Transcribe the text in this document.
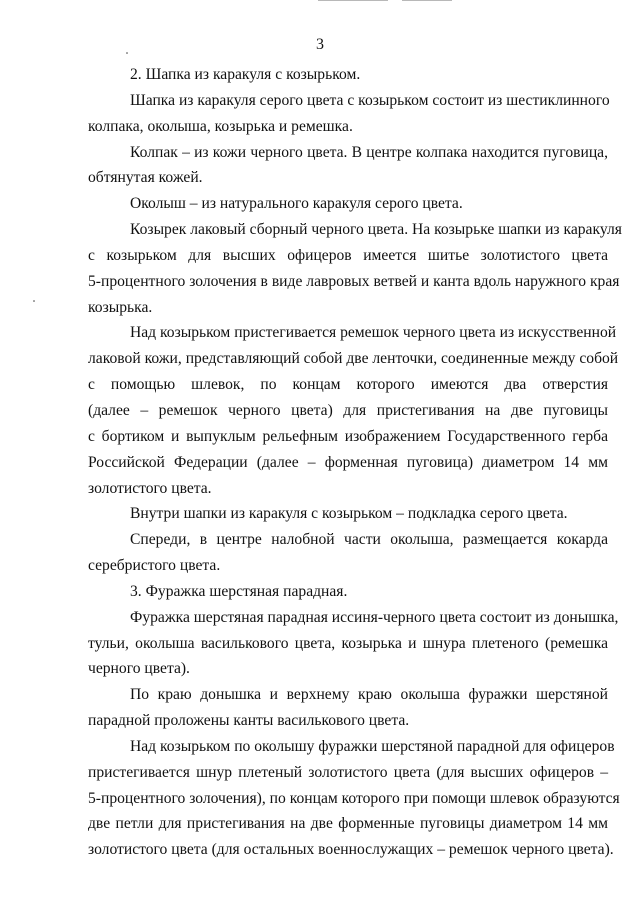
3
2. Шапка из каракуля с козырьком.
Шапка из каракуля серого цвета с козырьком состоит из шестиклинного
колпака, околыша, козырька и ремешка.
Колпак – из кожи черного цвета. В центре колпака находится пуговица,
обтянутая кожей.
Околыш – из натурального каракуля серого цвета.
Козырек лаковый сборный черного цвета. На козырьке шапки из каракуля
с козырьком для высших офицеров имеется шитье золотистого цвета
5-процентного золочения в виде лавровых ветвей и канта вдоль наружного края
козырька.
Над козырьком пристегивается ремешок черного цвета из искусственной
лаковой кожи, представляющий собой две ленточки, соединенные между собой
с помощью шлевок, по концам которого имеются два отверстия
(далее – ремешок черного цвета) для пристегивания на две пуговицы
с бортиком и выпуклым рельефным изображением Государственного герба
Российской Федерации (далее – форменная пуговица) диаметром 14 мм
золотистого цвета.
Внутри шапки из каракуля с козырьком – подкладка серого цвета.
Спереди, в центре налобной части околыша, размещается кокарда
серебристого цвета.
3. Фуражка шерстяная парадная.
Фуражка шерстяная парадная иссиня-черного цвета состоит из донышка,
тульи, околыша василькового цвета, козырька и шнура плетеного (ремешка
черного цвета).
По краю донышка и верхнему краю околыша фуражки шерстяной
парадной проложены канты василькового цвета.
Над козырьком по околышу фуражки шерстяной парадной для офицеров
пристегивается шнур плетеный золотистого цвета (для высших офицеров –
5-процентного золочения), по концам которого при помощи шлевок образуются
две петли для пристегивания на две форменные пуговицы диаметром 14 мм
золотистого цвета (для остальных военнослужащих – ремешок черного цвета).
